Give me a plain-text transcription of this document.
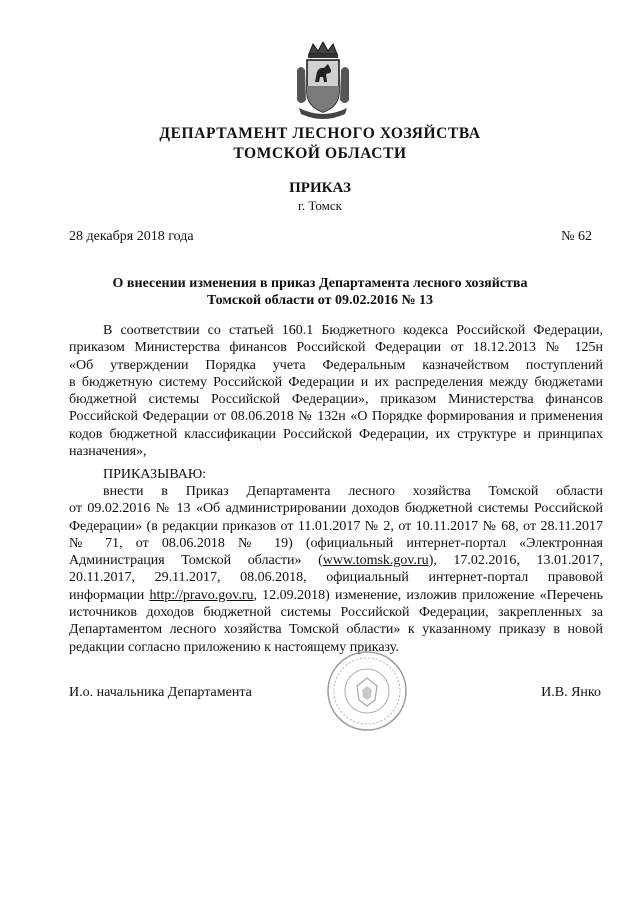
ДЕПАРТАМЕНТ ЛЕСНОГО ХОЗЯЙСТВА
ТОМСКОЙ ОБЛАСТИ
ПРИКАЗ
г. Томск
28 декабря 2018 года	№ 62
О внесении изменения в приказ Департамента лесного хозяйства
Томской области от 09.02.2016 № 13
В соответствии со статьей 160.1 Бюджетного кодекса Российской Федерации,
приказом Министерства финансов Российской Федерации от 18.12.2013 № 125н
«Об утверждении Порядка учета Федеральным казначейством поступлений
в бюджетную систему Российской Федерации и их распределения между бюджетами
бюджетной системы Российской Федерации», приказом Министерства финансов
Российской Федерации от 08.06.2018 № 132н «О Порядке формирования и применения
кодов бюджетной классификации Российской Федерации, их структуре и принципах
назначения»,
ПРИКАЗЫВАЮ:
внести в Приказ Департамента лесного хозяйства Томской области
от 09.02.2016 № 13 «Об администрировании доходов бюджетной системы Российской
Федерации» (в редакции приказов от 11.01.2017 № 2, от 10.11.2017 № 68, от 28.11.2017
№ 71, от 08.06.2018 № 19) (официальный интернет-портал «Электронная
Администрация Томской области» (www.tomsk.gov.ru), 17.02.2016, 13.01.2017,
20.11.2017, 29.11.2017, 08.06.2018, официальный интернет-портал правовой
информации http://pravo.gov.ru, 12.09.2018) изменение, изложив приложение «Перечень
источников доходов бюджетной системы Российской Федерации, закрепленных за
Департаментом лесного хозяйства Томской области» к указанному приказу в новой
редакции согласно приложению к настоящему приказу.
И.о. начальника Департамента	И.В. Янко
